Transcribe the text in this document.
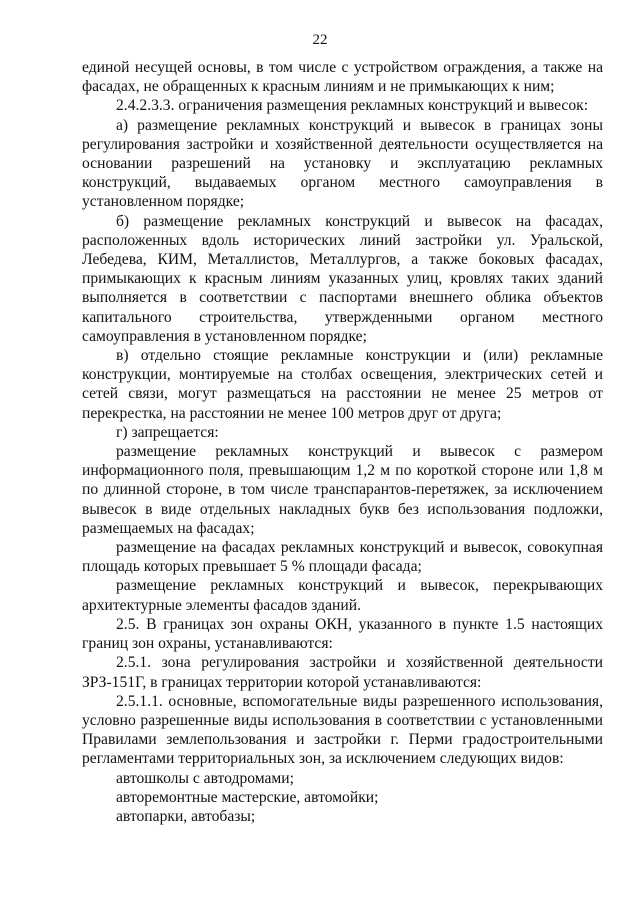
22

единой несущей основы, в том числе с устройством ограждения, а также на фасадах, не обращенных к красным линиям и не примыкающих к ним;

2.4.2.3.3. ограничения размещения рекламных конструкций и вывесок:

а) размещение рекламных конструкций и вывесок в границах зоны регулирования застройки и хозяйственной деятельности осуществляется на основании разрешений на установку и эксплуатацию рекламных конструкций, выдаваемых органом местного самоуправления в установленном порядке;

б) размещение рекламных конструкций и вывесок на фасадах, расположенных вдоль исторических линий застройки ул. Уральской, Лебедева, КИМ, Металлистов, Металлургов, а также боковых фасадах, примыкающих к красным линиям указанных улиц, кровлях таких зданий выполняется в соответствии с паспортами внешнего облика объектов капитального строительства, утвержденными органом местного самоуправления в установленном порядке;

в) отдельно стоящие рекламные конструкции и (или) рекламные конструкции, монтируемые на столбах освещения, электрических сетей и сетей связи, могут размещаться на расстоянии не менее 25 метров от перекрестка, на расстоянии не менее 100 метров друг от друга;

г) запрещается:

размещение рекламных конструкций и вывесок с размером информационного поля, превышающим 1,2 м по короткой стороне или 1,8 м по длинной стороне, в том числе транспарантов-перетяжек, за исключением вывесок в виде отдельных накладных букв без использования подложки, размещаемых на фасадах;

размещение на фасадах рекламных конструкций и вывесок, совокупная площадь которых превышает 5 % площади фасада;

размещение рекламных конструкций и вывесок, перекрывающих архитектурные элементы фасадов зданий.

2.5. В границах зон охраны ОКН, указанного в пункте 1.5 настоящих границ зон охраны, устанавливаются:

2.5.1. зона регулирования застройки и хозяйственной деятельности ЗРЗ-151Г, в границах территории которой устанавливаются:

2.5.1.1. основные, вспомогательные виды разрешенного использования, условно разрешенные виды использования в соответствии с установленными Правилами землепользования и застройки г. Перми градостроительными регламентами территориальных зон, за исключением следующих видов:

автошколы с автодромами;

авторемонтные мастерские, автомойки;

автопарки, автобазы;
